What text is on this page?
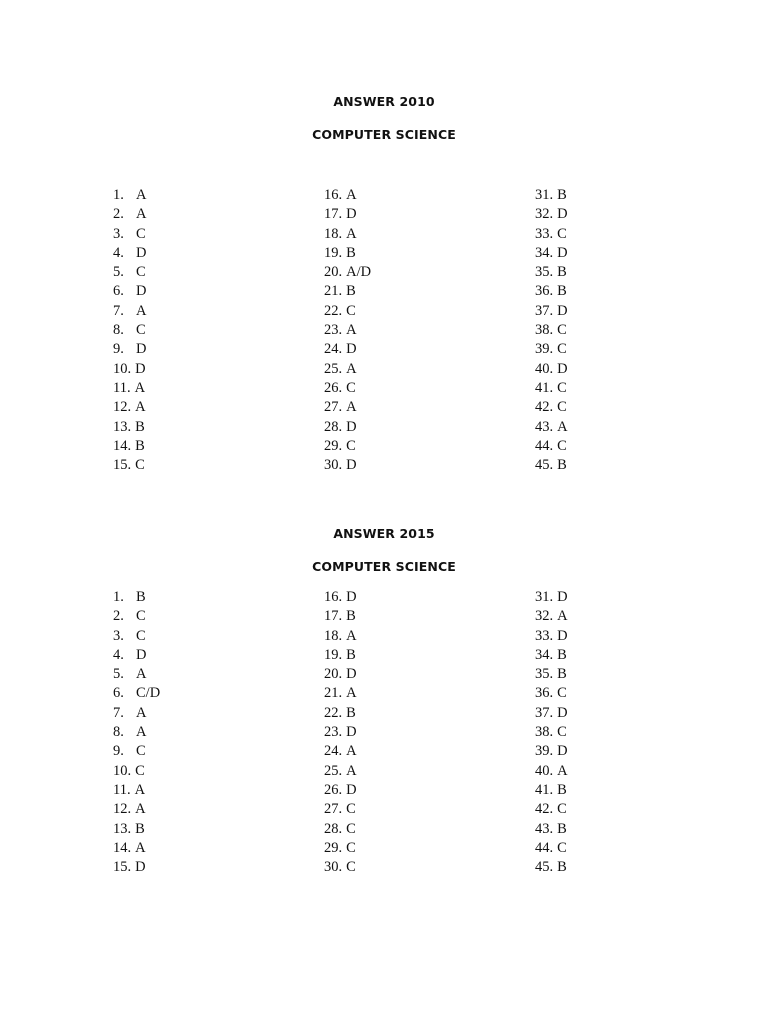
ANSWER 2010
COMPUTER SCIENCE
1. A
2. A
3. C
4. D
5. C
6. D
7. A
8. C
9. D
10. D
11. A
12. A
13. B
14. B
15. C
16. A
17. D
18. A
19. B
20. A/D
21. B
22. C
23. A
24. D
25. A
26. C
27. A
28. D
29. C
30. D
31. B
32. D
33. C
34. D
35. B
36. B
37. D
38. C
39. C
40. D
41. C
42. C
43. A
44. C
45. B
ANSWER 2015
COMPUTER SCIENCE
1. B
2. C
3. C
4. D
5. A
6. C/D
7. A
8. A
9. C
10. C
11. A
12. A
13. B
14. A
15. D
16. D
17. B
18. A
19. B
20. D
21. A
22. B
23. D
24. A
25. A
26. D
27. C
28. C
29. C
30. C
31. D
32. A
33. D
34. B
35. B
36. C
37. D
38. C
39. D
40. A
41. B
42. C
43. B
44. C
45. B
